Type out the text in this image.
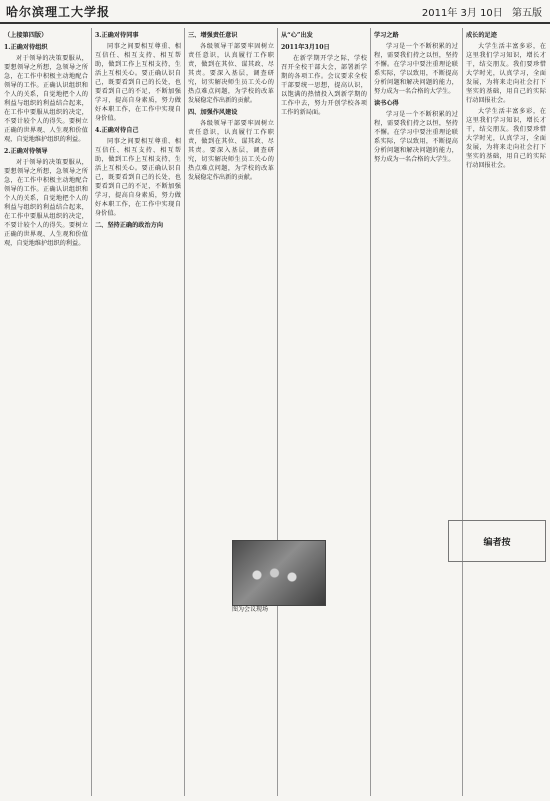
哈尔滨理工大学报	2011年 3月 10日 第五版

（上接第四版）

1.正确对待组织

对于领导的决策要服从，要想领导之所想，急领导之所急，在工作中积极主动地配合领导的工作。正确认识组织和个人的关系，自觉地把个人的利益与组织的利益结合起来，在工作中要服从组织的决定，不要计较个人的得失。要树立正确的世界观、人生观和价值观，自觉地维护组织的利益。

2.正确对待领导

对于领导的决策要服从，要想领导之所想，急领导之所急，在工作中积极主动地配合领导的工作。正确认识组织和个人的关系，自觉地把个人的利益与组织的利益结合起来，在工作中要服从组织的决定，不要计较个人的得失。要树立正确的世界观、人生观和价值观，自觉地维护组织的利益。

3.正确对待同事

同事之间要相互尊重、相互信任、相互支持、相互帮助，做到工作上互相支持，生活上互相关心。要正确认识自己，既要看到自己的长处，也要看到自己的不足，不断加强学习，提高自身素质，努力做好本职工作，在工作中实现自身价值。

4.正确对待自己

同事之间要相互尊重、相互信任、相互支持、相互帮助，做到工作上互相支持，生活上互相关心。要正确认识自己，既要看到自己的长处，也要看到自己的不足，不断加强学习，提高自身素质，努力做好本职工作，在工作中实现自身价值。

二、坚持正确的政治方向

三、增强责任意识

各级领导干部要牢固树立责任意识，认真履行工作职责，做到在其位、谋其政、尽其责。要深入基层，调查研究，切实解决师生员工关心的热点难点问题，为学校的改革发展稳定作出新的贡献。

四、加强作风建设

各级领导干部要牢固树立责任意识，认真履行工作职责，做到在其位、谋其政、尽其责。要深入基层，调查研究，切实解决师生员工关心的热点难点问题，为学校的改革发展稳定作出新的贡献。

从“心”出发

2011年3月10日

在新学期开学之际，学校召开全校干部大会，部署新学期的各项工作。会议要求全校干部要统一思想，提高认识，以饱满的热情投入到新学期的工作中去，努力开创学校各项工作的新局面。

图为会议现场

学习之路

学习是一个不断积累的过程，需要我们持之以恒，坚持不懈。在学习中要注重理论联系实际，学以致用，不断提高分析问题和解决问题的能力，努力成为一名合格的大学生。

读书心得

学习是一个不断积累的过程，需要我们持之以恒，坚持不懈。在学习中要注重理论联系实际，学以致用，不断提高分析问题和解决问题的能力，努力成为一名合格的大学生。

成长的足迹

大学生活丰富多彩，在这里我们学习知识，增长才干，结交朋友。我们要珍惜大学时光，认真学习，全面发展，为将来走向社会打下坚实的基础，用自己的实际行动回报社会。

大学生活丰富多彩，在这里我们学习知识，增长才干，结交朋友。我们要珍惜大学时光，认真学习，全面发展，为将来走向社会打下坚实的基础，用自己的实际行动回报社会。

编者按
